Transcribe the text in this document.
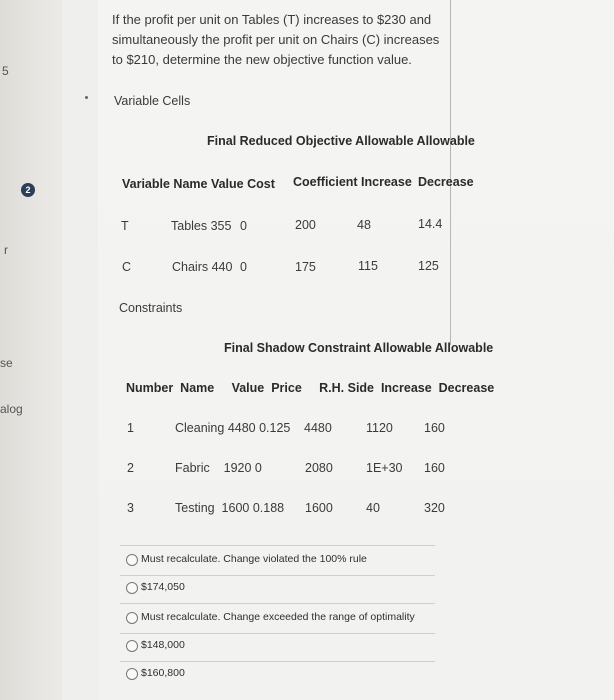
5
2
r
se
alog
If the profit per unit on Tables (T) increases to $230 and
simultaneously the profit per unit on Chairs (C) increases
to $210, determine the new objective function value.
Variable Cells
Final Reduced Objective Allowable Allowable
Variable Name Value Cost Coefficient Increase Decrease
T	Tables 355 0	200	48	14.4
C	Chairs 440 0	175	115	125
Constraints
Final Shadow Constraint Allowable Allowable
Number  Name     Value  Price     R.H. Side  Increase  Decrease
1	Cleaning 4480 0.125 4480	1120 160
2	Fabric    1920 0	2080	1E+30 160
3	Testing  1600 0.188 1600	40	320
Must recalculate. Change violated the 100% rule
$174,050
Must recalculate. Change exceeded the range of optimality
$148,000
$160,800
